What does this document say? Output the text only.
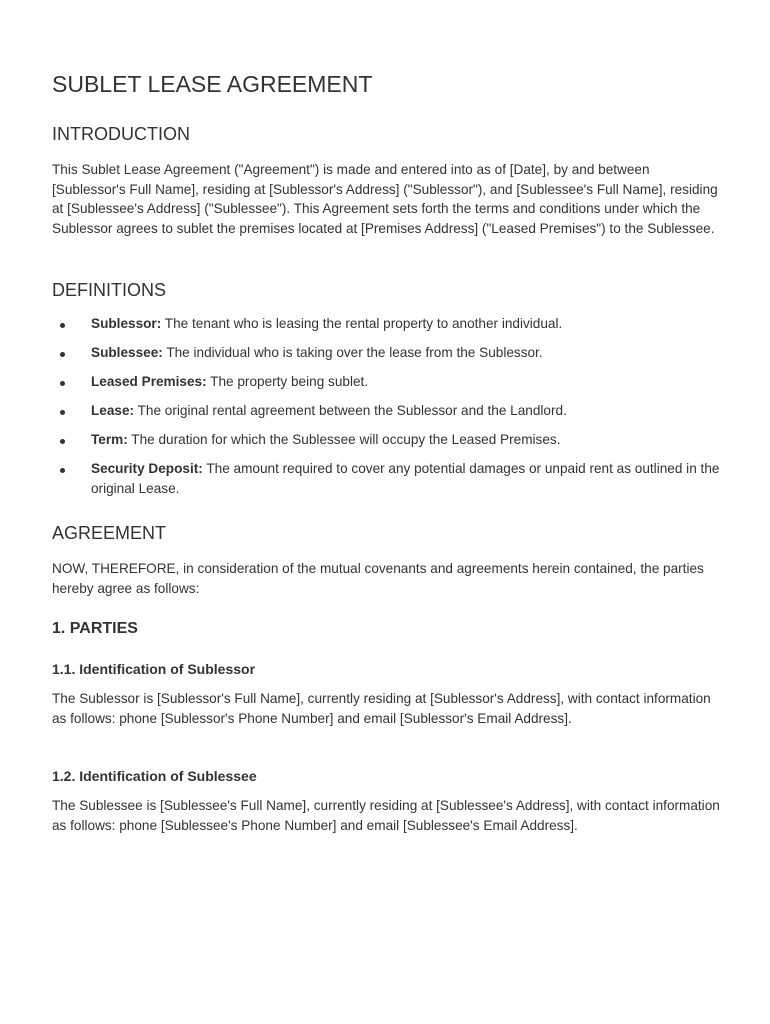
SUBLET LEASE AGREEMENT
INTRODUCTION

This Sublet Lease Agreement ("Agreement") is made and entered into as of [Date], by and between [Sublessor's Full Name], residing at [Sublessor's Address] ("Sublessor"), and [Sublessee's Full Name], residing at [Sublessee's Address] ("Sublessee"). This Agreement sets forth the terms and conditions under which the Sublessor agrees to sublet the premises located at [Premises Address] ("Leased Premises") to the Sublessee.

DEFINITIONS
Sublessor: The tenant who is leasing the rental property to another individual.
Sublessee: The individual who is taking over the lease from the Sublessor.
Leased Premises: The property being sublet.
Lease: The original rental agreement between the Sublessor and the Landlord.
Term: The duration for which the Sublessee will occupy the Leased Premises.
Security Deposit: The amount required to cover any potential damages or unpaid rent as outlined in the original Lease.
AGREEMENT

NOW, THEREFORE, in consideration of the mutual covenants and agreements herein contained, the parties hereby agree as follows:

1. PARTIES
1.1. Identification of Sublessor

The Sublessor is [Sublessor's Full Name], currently residing at [Sublessor's Address], with contact information as follows: phone [Sublessor's Phone Number] and email [Sublessor's Email Address].

1.2. Identification of Sublessee

The Sublessee is [Sublessee's Full Name], currently residing at [Sublessee's Address], with contact information as follows: phone [Sublessee's Phone Number] and email [Sublessee's Email Address].
